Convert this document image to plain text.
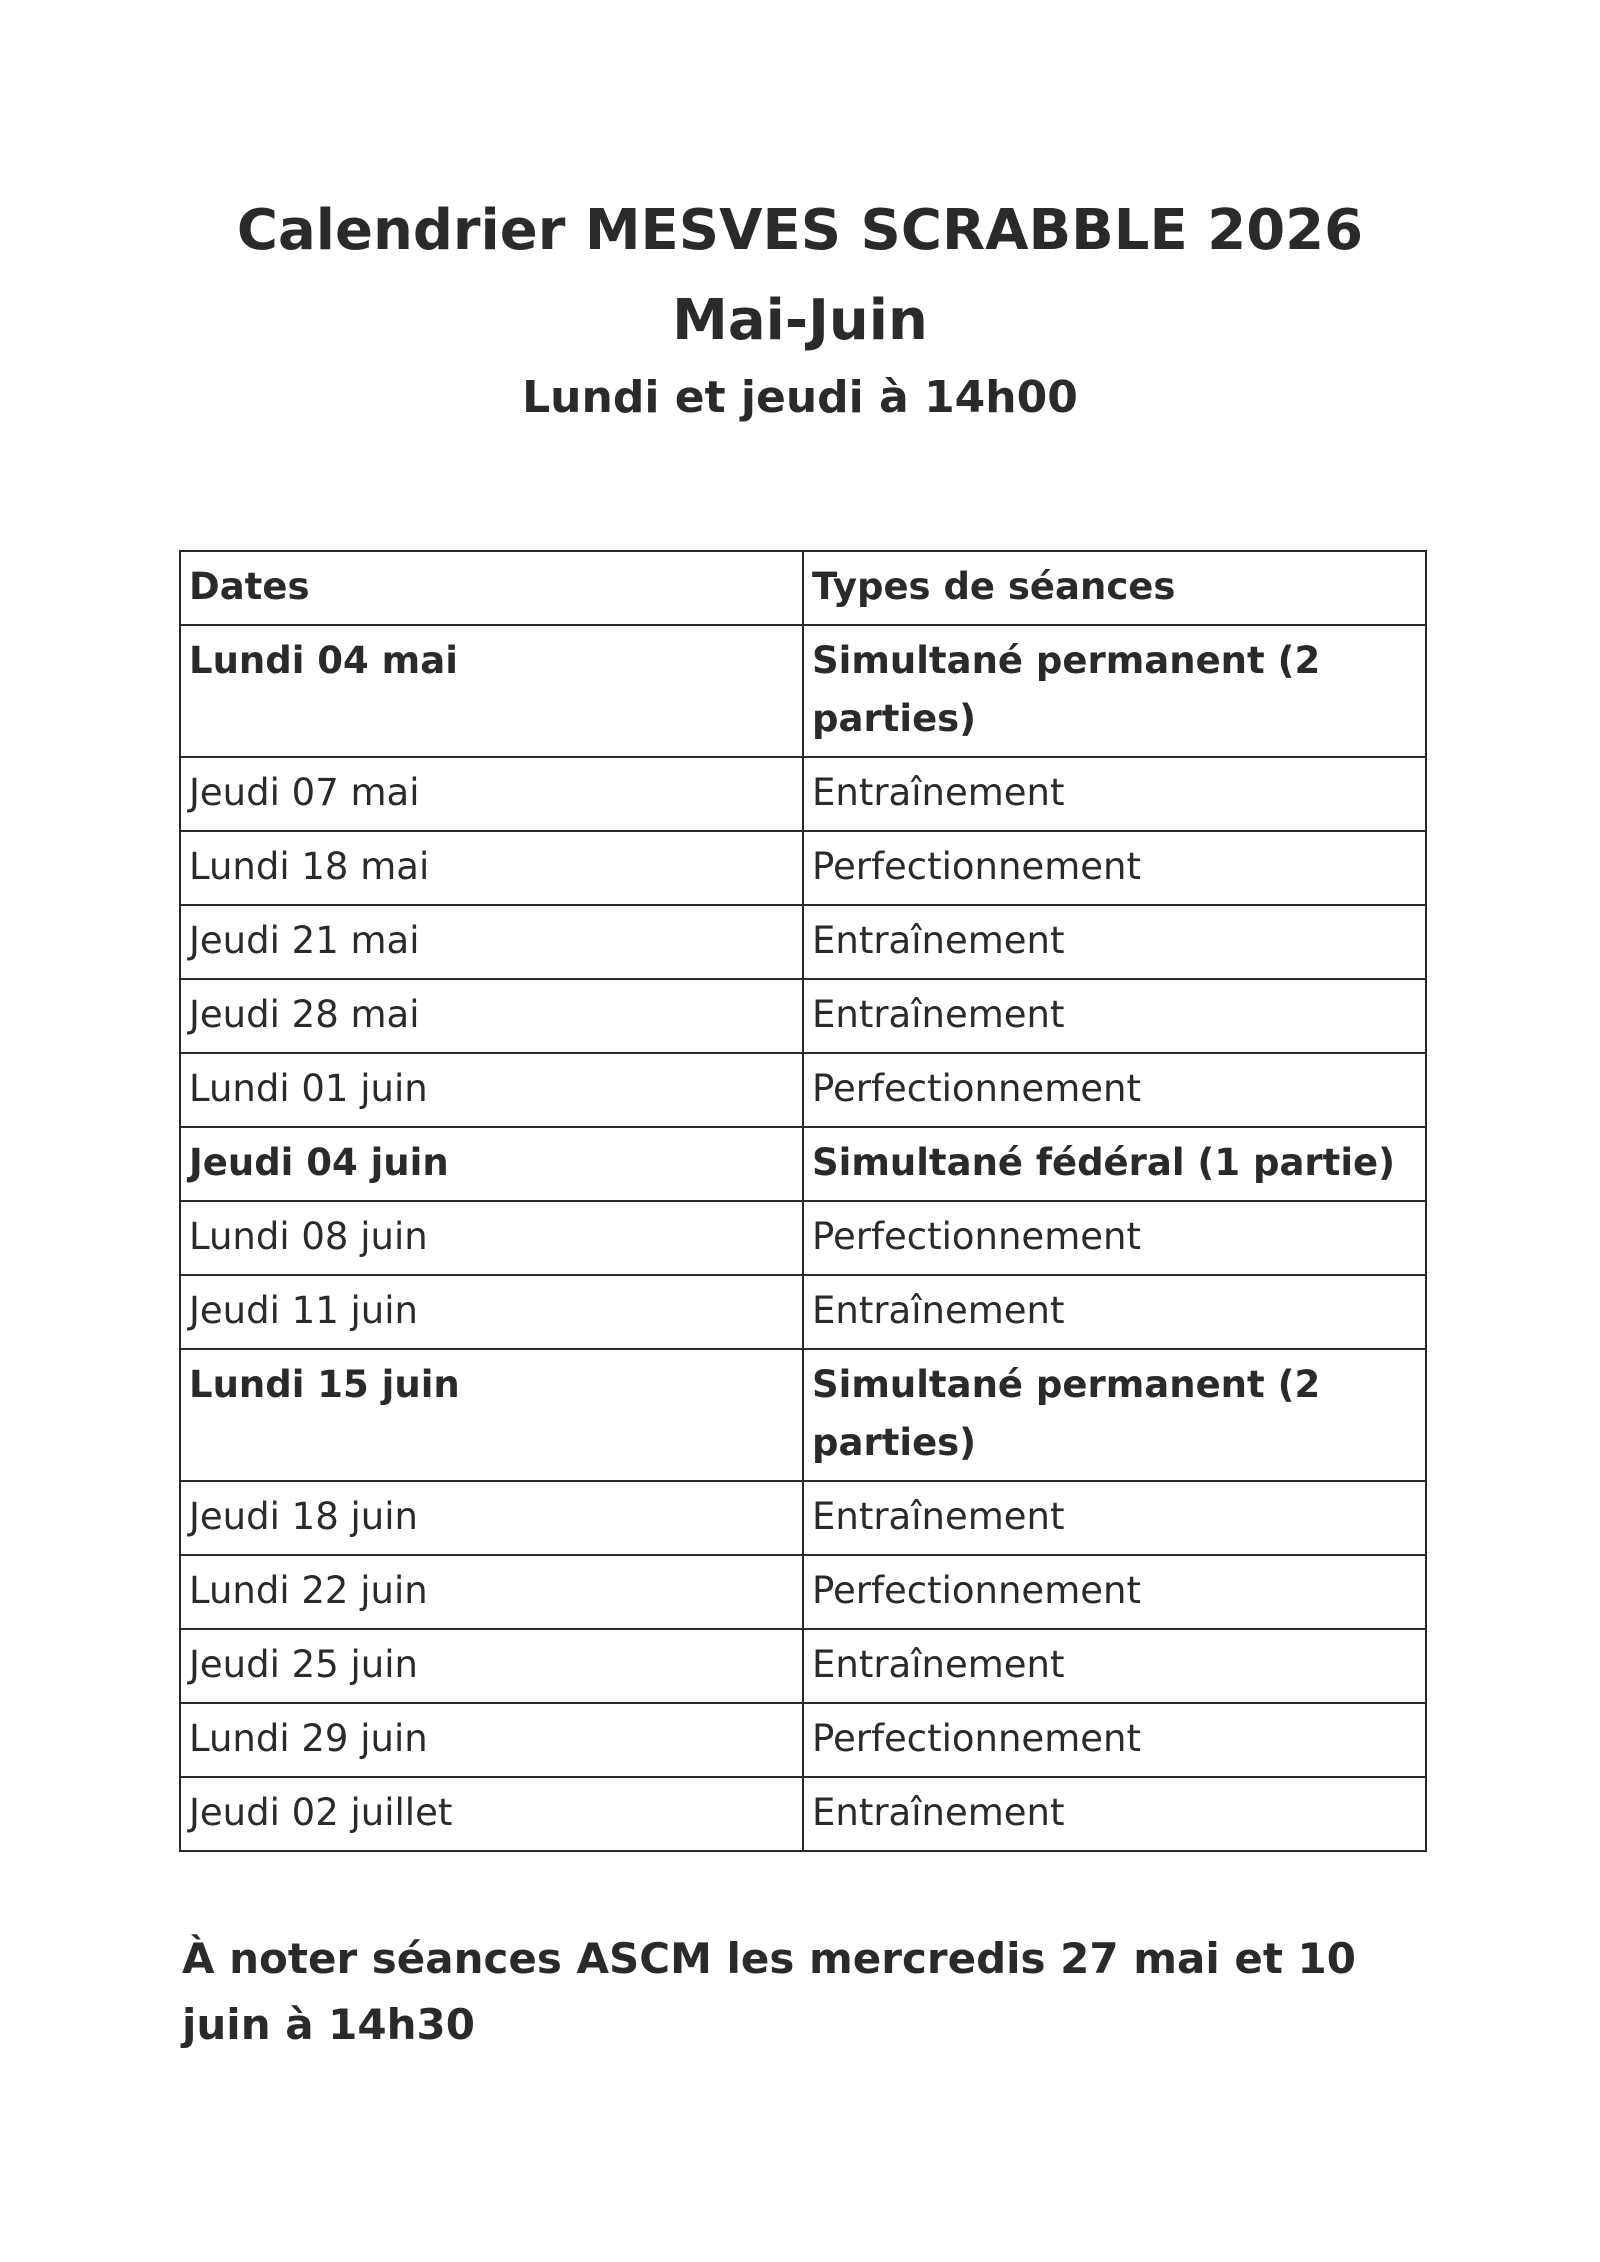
Calendrier MESVES SCRABBLE 2026
Mai-Juin
Lundi et jeudi à 14h00
Dates	Types de séances
Lundi 04 mai	Simultané permanent (2 parties)
Jeudi 07 mai	Entraînement
Lundi 18 mai	Perfectionnement
Jeudi 21 mai	Entraînement
Jeudi 28 mai	Entraînement
Lundi 01 juin	Perfectionnement
Jeudi 04 juin	Simultané fédéral (1 partie)
Lundi 08 juin	Perfectionnement
Jeudi 11 juin	Entraînement
Lundi 15 juin	Simultané permanent (2 parties)
Jeudi 18 juin	Entraînement
Lundi 22 juin	Perfectionnement
Jeudi 25 juin	Entraînement
Lundi 29 juin	Perfectionnement
Jeudi 02 juillet	Entraînement
À noter séances ASCM les mercredis 27 mai et 10 juin à 14h30
